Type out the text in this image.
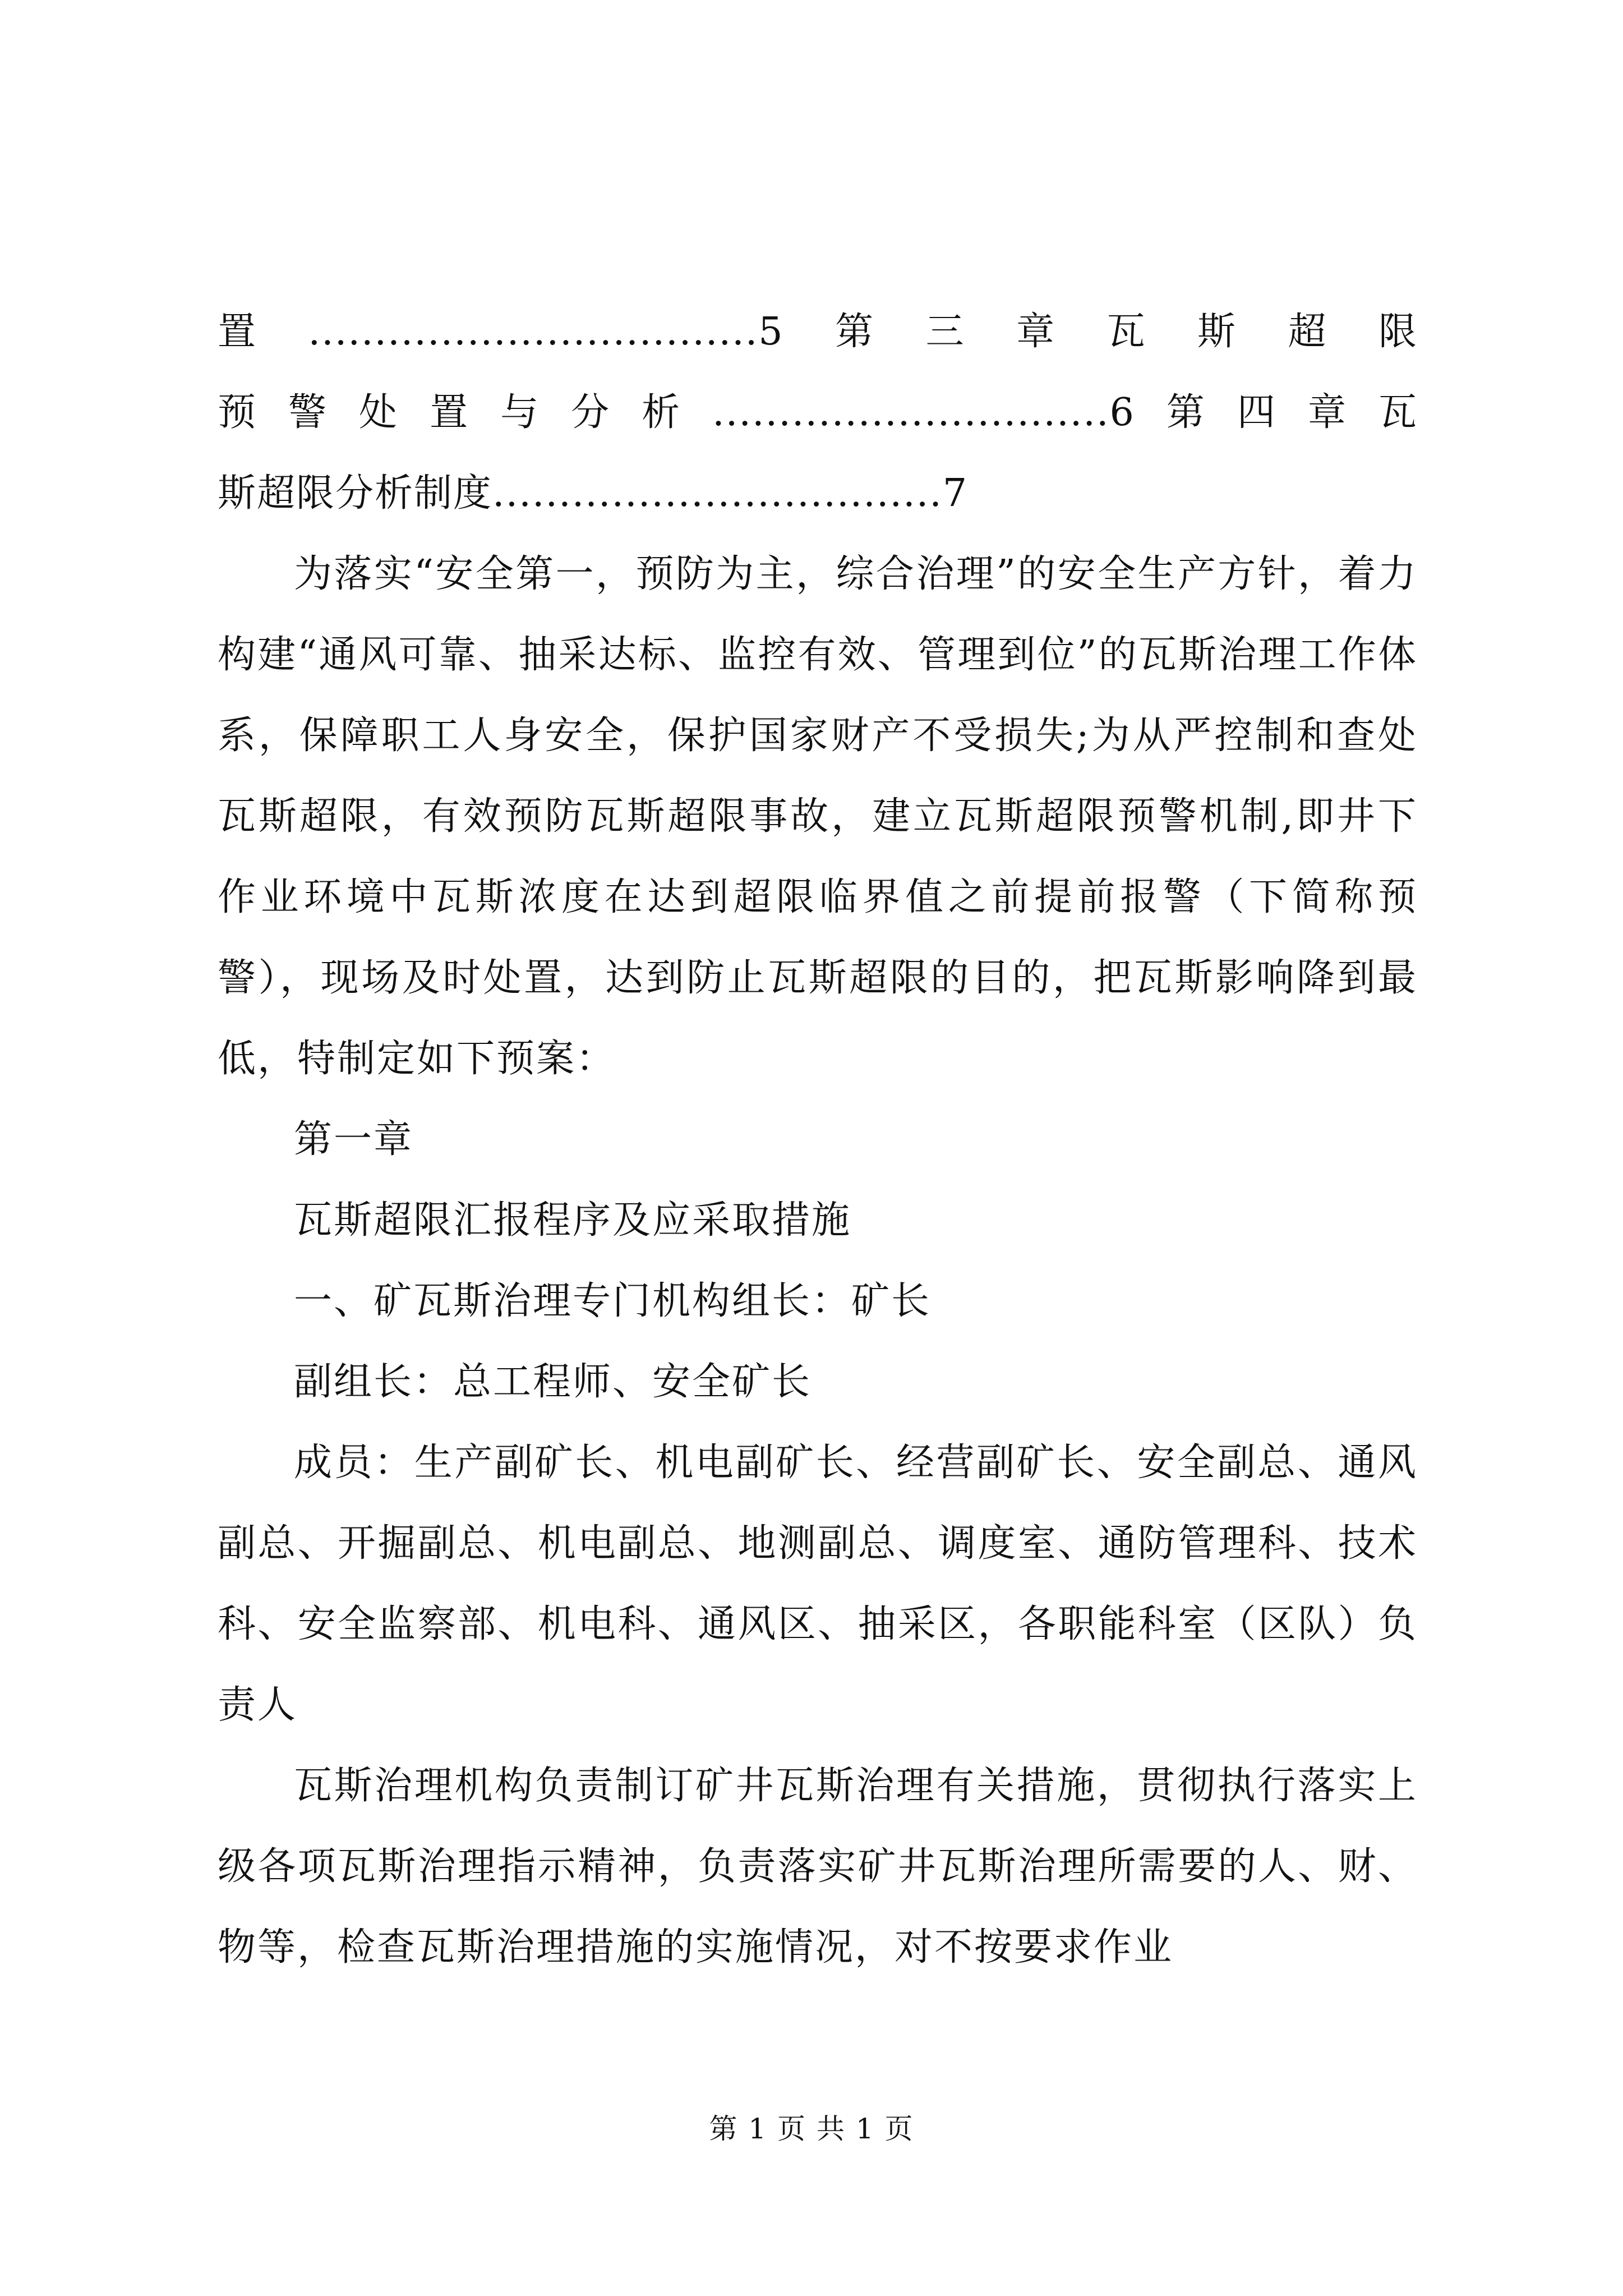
置..................................5第三章瓦斯超限
预警处置与分析..............................6第四章瓦
斯超限分析制度..................................7

为落实“安全第一，预防为主，综合治理”的安全生产方针，着力构建“通风可靠、抽采达标、监控有效、管理到位”的瓦斯治理工作体系，保障职工人身安全，保护国家财产不受损失;为从严控制和查处瓦斯超限，有效预防瓦斯超限事故，建立瓦斯超限预警机制,即井下作业环境中瓦斯浓度在达到超限临界值之前提前报警（下简称预警），现场及时处置，达到防止瓦斯超限的目的，把瓦斯影响降到最低，特制定如下预案：

第一章

瓦斯超限汇报程序及应采取措施

一、矿瓦斯治理专门机构组长：矿长

副组长：总工程师、安全矿长

成员：生产副矿长、机电副矿长、经营副矿长、安全副总、通风副总、开掘副总、机电副总、地测副总、调度室、通防管理科、技术科、安全监察部、机电科、通风区、抽采区，各职能科室（区队）负责人

瓦斯治理机构负责制订矿井瓦斯治理有关措施，贯彻执行落实上级各项瓦斯治理指示精神，负责落实矿井瓦斯治理所需要的人、财、物等，检查瓦斯治理措施的实施情况，对不按要求作业

第 1 页 共 1 页
